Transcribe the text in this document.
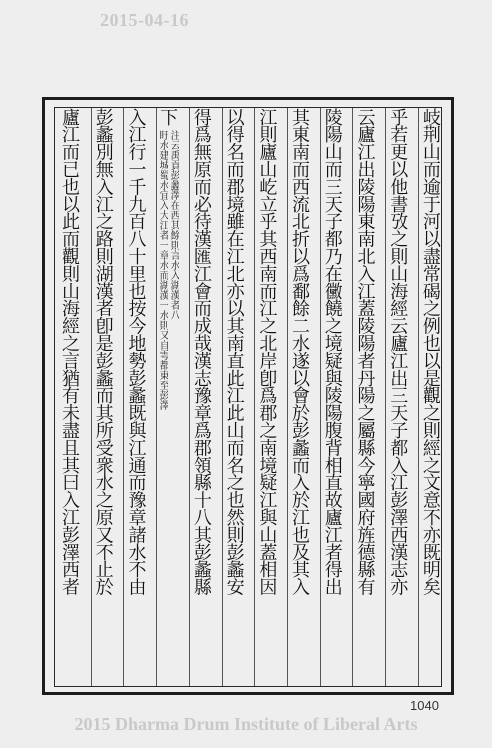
2015-04-16
岐荆山而逾于河以盡常碣之例也以是觀之則經之文意不亦既明矣
乎若更以他書攷之則山海經云廬江出三天子都入江彭澤西漢志亦
云廬江出陵陽東南北入江蓋陵陽者丹陽之屬縣今寧國府旌德縣有
陵陽山而三天子都乃在黴饒之境疑與陵陽腹背相直故廬江者得出
其東南而西流北折以爲鄱餘二水遂以會於彭蠡而入於江也及其入
江則廬山屹立乎其西南而江之北岸卽爲郡之南境疑江與山蓋相因
以得名而郡境雖在江北亦以其南直此江此山而名之也然則彭蠡安
得爲無原而必待漢匯江會而成哉漢志豫章爲郡領縣十八其彭蠡縣
下
注云禹貢彭蠡澤在西其餘則言水入湖漢者八
盱水建城蜀水宜入大江者一章水而湖漢一水則又自雩都東至彭澤
入江行一千九百八十里也按今地勢彭蠡既與江通而豫章諸水不由
彭蠡別無入江之路則湖漢者卽是彭蠡而其所受衆水之原又不止於
廬江而已也以此而觀則山海經之言猶有未盡且其曰入江彭澤西者
1040
2015 Dharma Drum Institute of Liberal Arts
